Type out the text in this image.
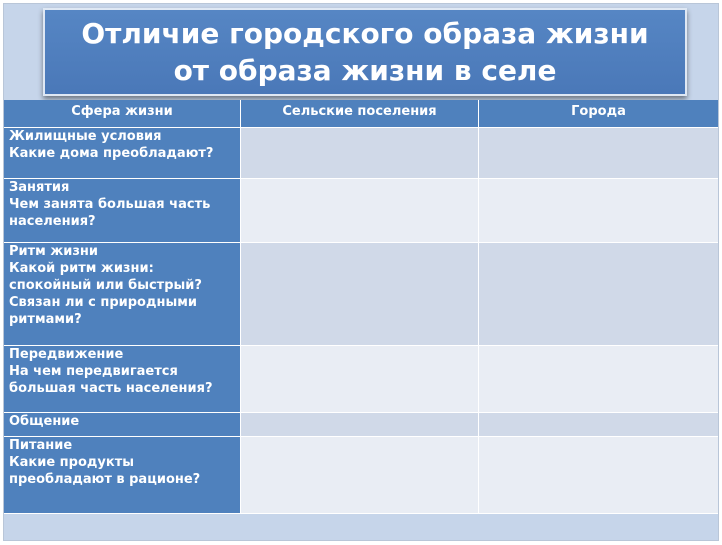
Отличие городского образа жизни от образа жизни в селе
Сфера жизни	Сельские поселения	Города
Жилищные условия
Какие дома преобладают?
Занятия
Чем занята большая часть
населения?
Ритм жизни
Какой ритм жизни:
спокойный или быстрый?
Связан ли с природными
ритмами?
Передвижение
На чем передвигается
большая часть населения?
Общение
Питание
Какие продукты
преобладают в рационе?
